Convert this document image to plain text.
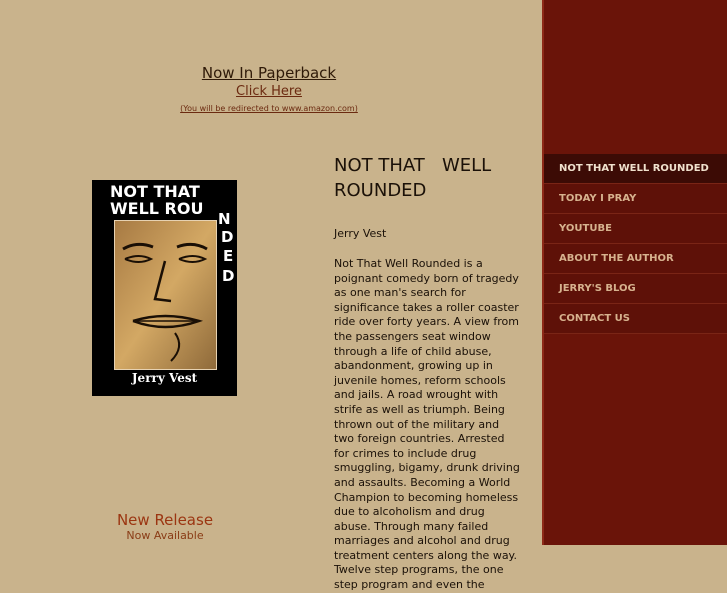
Now In Paperback
Click Here
(You will be redirected to www.amazon.com)
NOT THAT
WELL ROU
N
D
E
D
Jerry Vest
New Release
Now Available
NOT THAT   WELL ROUNDED
Jerry Vest
Not That Well Rounded is a poignant comedy born of tragedy as one man's search for significance takes a roller coaster ride over forty years. A view from the passengers seat window through a life of child abuse, abandonment, growing up in juvenile homes, reform schools and jails. A road wrought with strife as well as triumph. Being thrown out of the military and two foreign countries. Arrested for crimes to include drug smuggling, bigamy, drunk driving and assaults. Becoming a World Champion to becoming homeless due to alcoholism and drug abuse. Through many failed marriages and alcohol and drug treatment centers along the way. Twelve step programs, the one step program and even the
NOT THAT WELL ROUNDED
TODAY I PRAY
YOUTUBE
ABOUT THE AUTHOR
JERRY'S BLOG
CONTACT US
